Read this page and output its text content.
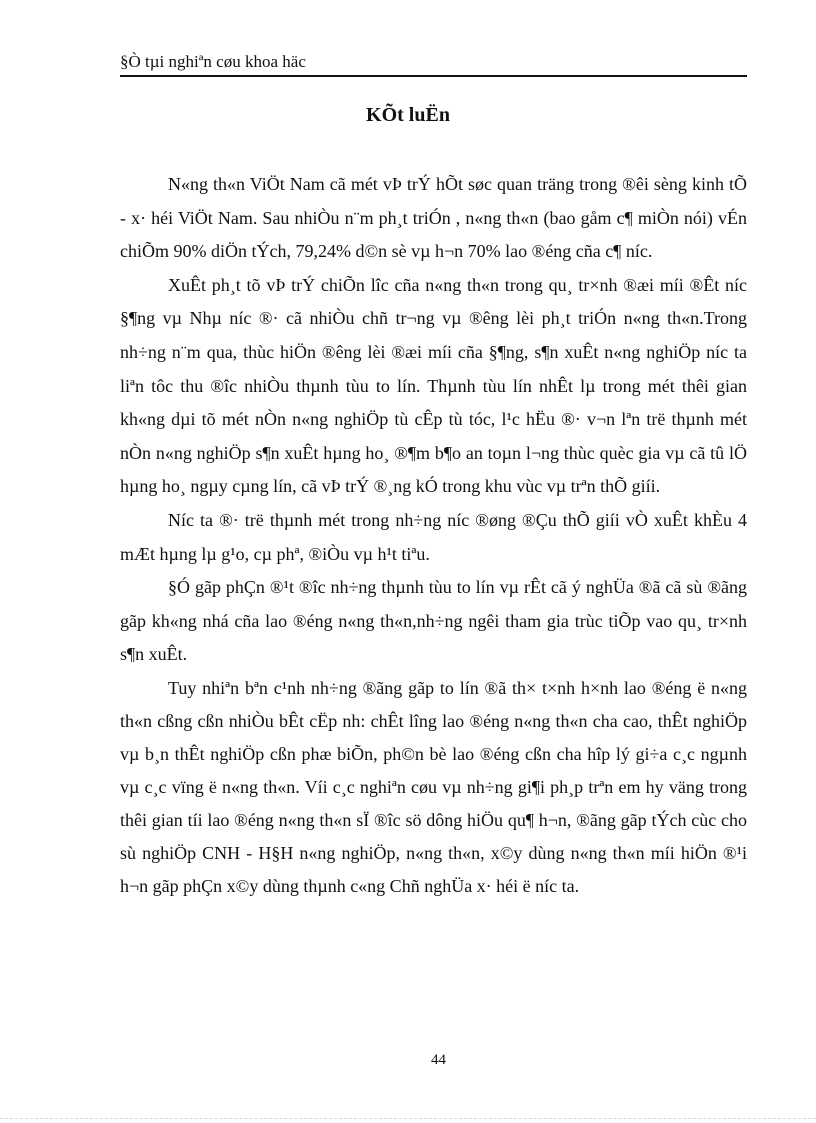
§Ò tµi nghiªn cøu khoa häc
KÕt luËn

N«ng th«n ViÖt Nam cã mét vÞ trÝ hÕt søc quan träng trong ®êi sèng kinh tÕ - x· héi ViÖt Nam. Sau nhiÒu n¨m ph¸t triÓn , n«ng th«n (bao gåm c¶ miÒn nói) vÉn chiÕm 90% diÖn tÝch, 79,24% d©n sè vµ h¬n 70% lao ®éng cña c¶ níc.

XuÊt ph¸t tõ vÞ trÝ chiÕn lîc cña n«ng th«n trong qu¸ tr×nh ®æi míi ®Êt níc §¶ng vµ Nhµ níc ®· cã nhiÒu chñ tr¬ng vµ ®êng lèi ph¸t triÓn n«ng th«n.Trong nh÷ng n¨m qua, thùc hiÖn ®êng lèi ®æi míi cña §¶ng, s¶n xuÊt n«ng nghiÖp níc ta liªn tôc thu ®îc nhiÒu thµnh tùu to lín. Thµnh tùu lín nhÊt lµ trong mét thêi gian kh«ng dµi tõ mét nÒn n«ng nghiÖp tù cÊp tù tóc, l¹c hËu ®· v¬n lªn trë thµnh mét nÒn n«ng nghiÖp s¶n xuÊt hµng ho¸ ®¶m b¶o an toµn l¬ng thùc quèc gia vµ cã tû lÖ hµng ho¸ ngµy cµng lín, cã vÞ trÝ ®¸ng kÓ trong khu vùc vµ trªn thÕ giíi.

Níc ta ®· trë thµnh mét trong nh÷ng níc ®øng ®Çu thÕ giíi vÒ xuÊt khÈu 4 mÆt hµng lµ g¹o, cµ phª, ®iÒu vµ h¹t tiªu.

§Ó gãp phÇn ®¹t ®îc nh÷ng thµnh tùu to lín vµ rÊt cã ý nghÜa ®ã cã sù ®ãng gãp kh«ng nhá cña lao ®éng n«ng th«n,nh÷ng ngêi tham gia trùc tiÕp vao qu¸ tr×nh s¶n xuÊt.

Tuy nhiªn bªn c¹nh nh÷ng ®ãng gãp to lín ®ã th× t×nh h×nh lao ®éng ë n«ng th«n cßng cßn nhiÒu bÊt cËp nh: chÊt lîng lao ®éng n«ng th«n cha cao, thÊt nghiÖp vµ b¸n thÊt nghiÖp cßn phæ biÕn, ph©n bè lao ®éng cßn cha hîp lý gi÷a c¸c ngµnh vµ c¸c vïng ë n«ng th«n. Víi c¸c nghiªn cøu vµ nh÷ng gi¶i ph¸p trªn em hy väng trong thêi gian tíi lao ®éng n«ng th«n sÏ ®îc sö dông hiÖu qu¶ h¬n, ®ãng gãp tÝch cùc cho sù nghiÖp CNH - H§H n«ng nghiÖp, n«ng th«n, x©y dùng n«ng th«n míi hiÖn ®¹i h¬n gãp phÇn x©y dùng thµnh c«ng Chñ nghÜa x· héi ë níc ta.

44
